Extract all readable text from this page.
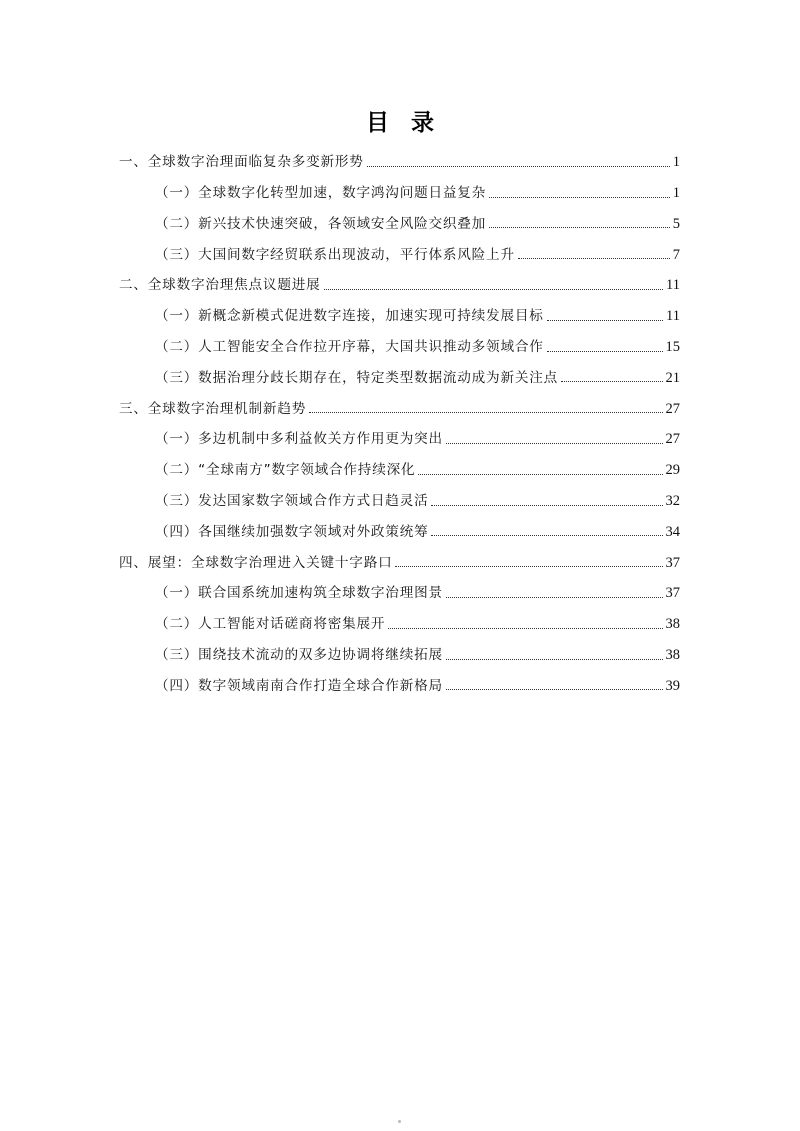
目录
一、全球数字治理面临复杂多变新形势	1
（一）全球数字化转型加速，数字鸿沟问题日益复杂	1
（二）新兴技术快速突破，各领域安全风险交织叠加	5
（三）大国间数字经贸联系出现波动，平行体系风险上升	7
二、全球数字治理焦点议题进展	11
（一）新概念新模式促进数字连接，加速实现可持续发展目标	11
（二）人工智能安全合作拉开序幕，大国共识推动多领域合作	15
（三）数据治理分歧长期存在，特定类型数据流动成为新关注点	21
三、全球数字治理机制新趋势	27
（一）多边机制中多利益攸关方作用更为突出	27
（二）“全球南方”数字领域合作持续深化	29
（三）发达国家数字领域合作方式日趋灵活	32
（四）各国继续加强数字领域对外政策统筹	34
四、展望：全球数字治理进入关键十字路口	37
（一）联合国系统加速构筑全球数字治理图景	37
（二）人工智能对话磋商将密集展开	38
（三）围绕技术流动的双多边协调将继续拓展	38
（四）数字领域南南合作打造全球合作新格局	39
